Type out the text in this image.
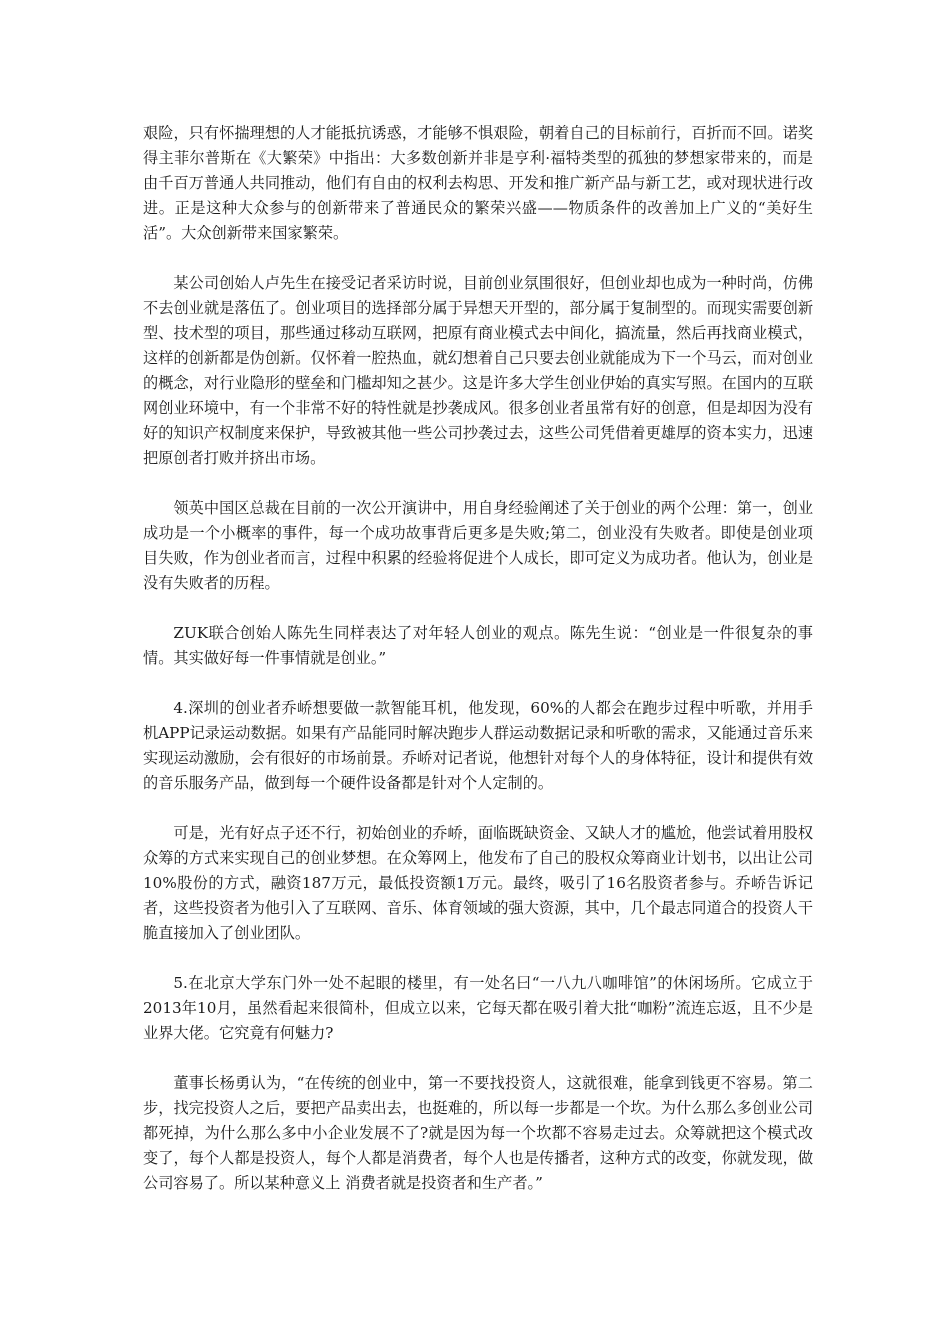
艰险，只有怀揣理想的人才能抵抗诱惑，才能够不惧艰险，朝着自己的目标前行，百折而不回。诺奖得主菲尔普斯在《大繁荣》中指出：大多数创新并非是亨利·福特类型的孤独的梦想家带来的，而是由千百万普通人共同推动，他们有自由的权利去构思、开发和推广新产品与新工艺，或对现状进行改进。正是这种大众参与的创新带来了普通民众的繁荣兴盛——物质条件的改善加上广义的“美好生活”。大众创新带来国家繁荣。

某公司创始人卢先生在接受记者采访时说，目前创业氛围很好，但创业却也成为一种时尚，仿佛不去创业就是落伍了。创业项目的选择部分属于异想天开型的，部分属于复制型的。而现实需要创新型、技术型的项目，那些通过移动互联网，把原有商业模式去中间化，搞流量，然后再找商业模式，这样的创新都是伪创新。仅怀着一腔热血，就幻想着自己只要去创业就能成为下一个马云，而对创业的概念，对行业隐形的壁垒和门槛却知之甚少。这是许多大学生创业伊始的真实写照。在国内的互联网创业环境中，有一个非常不好的特性就是抄袭成风。很多创业者虽常有好的创意，但是却因为没有好的知识产权制度来保护，导致被其他一些公司抄袭过去，这些公司凭借着更雄厚的资本实力，迅速把原创者打败并挤出市场。

领英中国区总裁在目前的一次公开演讲中，用自身经验阐述了关于创业的两个公理：第一，创业成功是一个小概率的事件，每一个成功故事背后更多是失败;第二，创业没有失败者。即使是创业项目失败，作为创业者而言，过程中积累的经验将促进个人成长，即可定义为成功者。他认为，创业是没有失败者的历程。

ZUK联合创始人陈先生同样表达了对年轻人创业的观点。陈先生说：“创业是一件很复杂的事情。其实做好每一件事情就是创业。”

4.深圳的创业者乔峤想要做一款智能耳机，他发现，60%的人都会在跑步过程中听歌，并用手机APP记录运动数据。如果有产品能同时解决跑步人群运动数据记录和听歌的需求，又能通过音乐来实现运动激励，会有很好的市场前景。乔峤对记者说，他想针对每个人的身体特征，设计和提供有效的音乐服务产品，做到每一个硬件设备都是针对个人定制的。

可是，光有好点子还不行，初始创业的乔峤，面临既缺资金、又缺人才的尴尬，他尝试着用股权众筹的方式来实现自己的创业梦想。在众筹网上，他发布了自己的股权众筹商业计划书，以出让公司10%股份的方式，融资187万元，最低投资额1万元。最终，吸引了16名股资者参与。乔峤告诉记者，这些投资者为他引入了互联网、音乐、体育领域的强大资源，其中，几个最志同道合的投资人干脆直接加入了创业团队。

5.在北京大学东门外一处不起眼的楼里，有一处名曰“一八九八咖啡馆”的休闲场所。它成立于2013年10月，虽然看起来很简朴，但成立以来，它每天都在吸引着大批“咖粉”流连忘返，且不少是业界大佬。它究竟有何魅力?

董事长杨勇认为，“在传统的创业中，第一不要找投资人，这就很难，能拿到钱更不容易。第二步，找完投资人之后，要把产品卖出去，也挺难的，所以每一步都是一个坎。为什么那么多创业公司都死掉，为什么那么多中小企业发展不了?就是因为每一个坎都不容易走过去。众筹就把这个模式改变了，每个人都是投资人，每个人都是消费者，每个人也是传播者，这种方式的改变，你就发现，做公司容易了。所以某种意义上 消费者就是投资者和生产者。”
